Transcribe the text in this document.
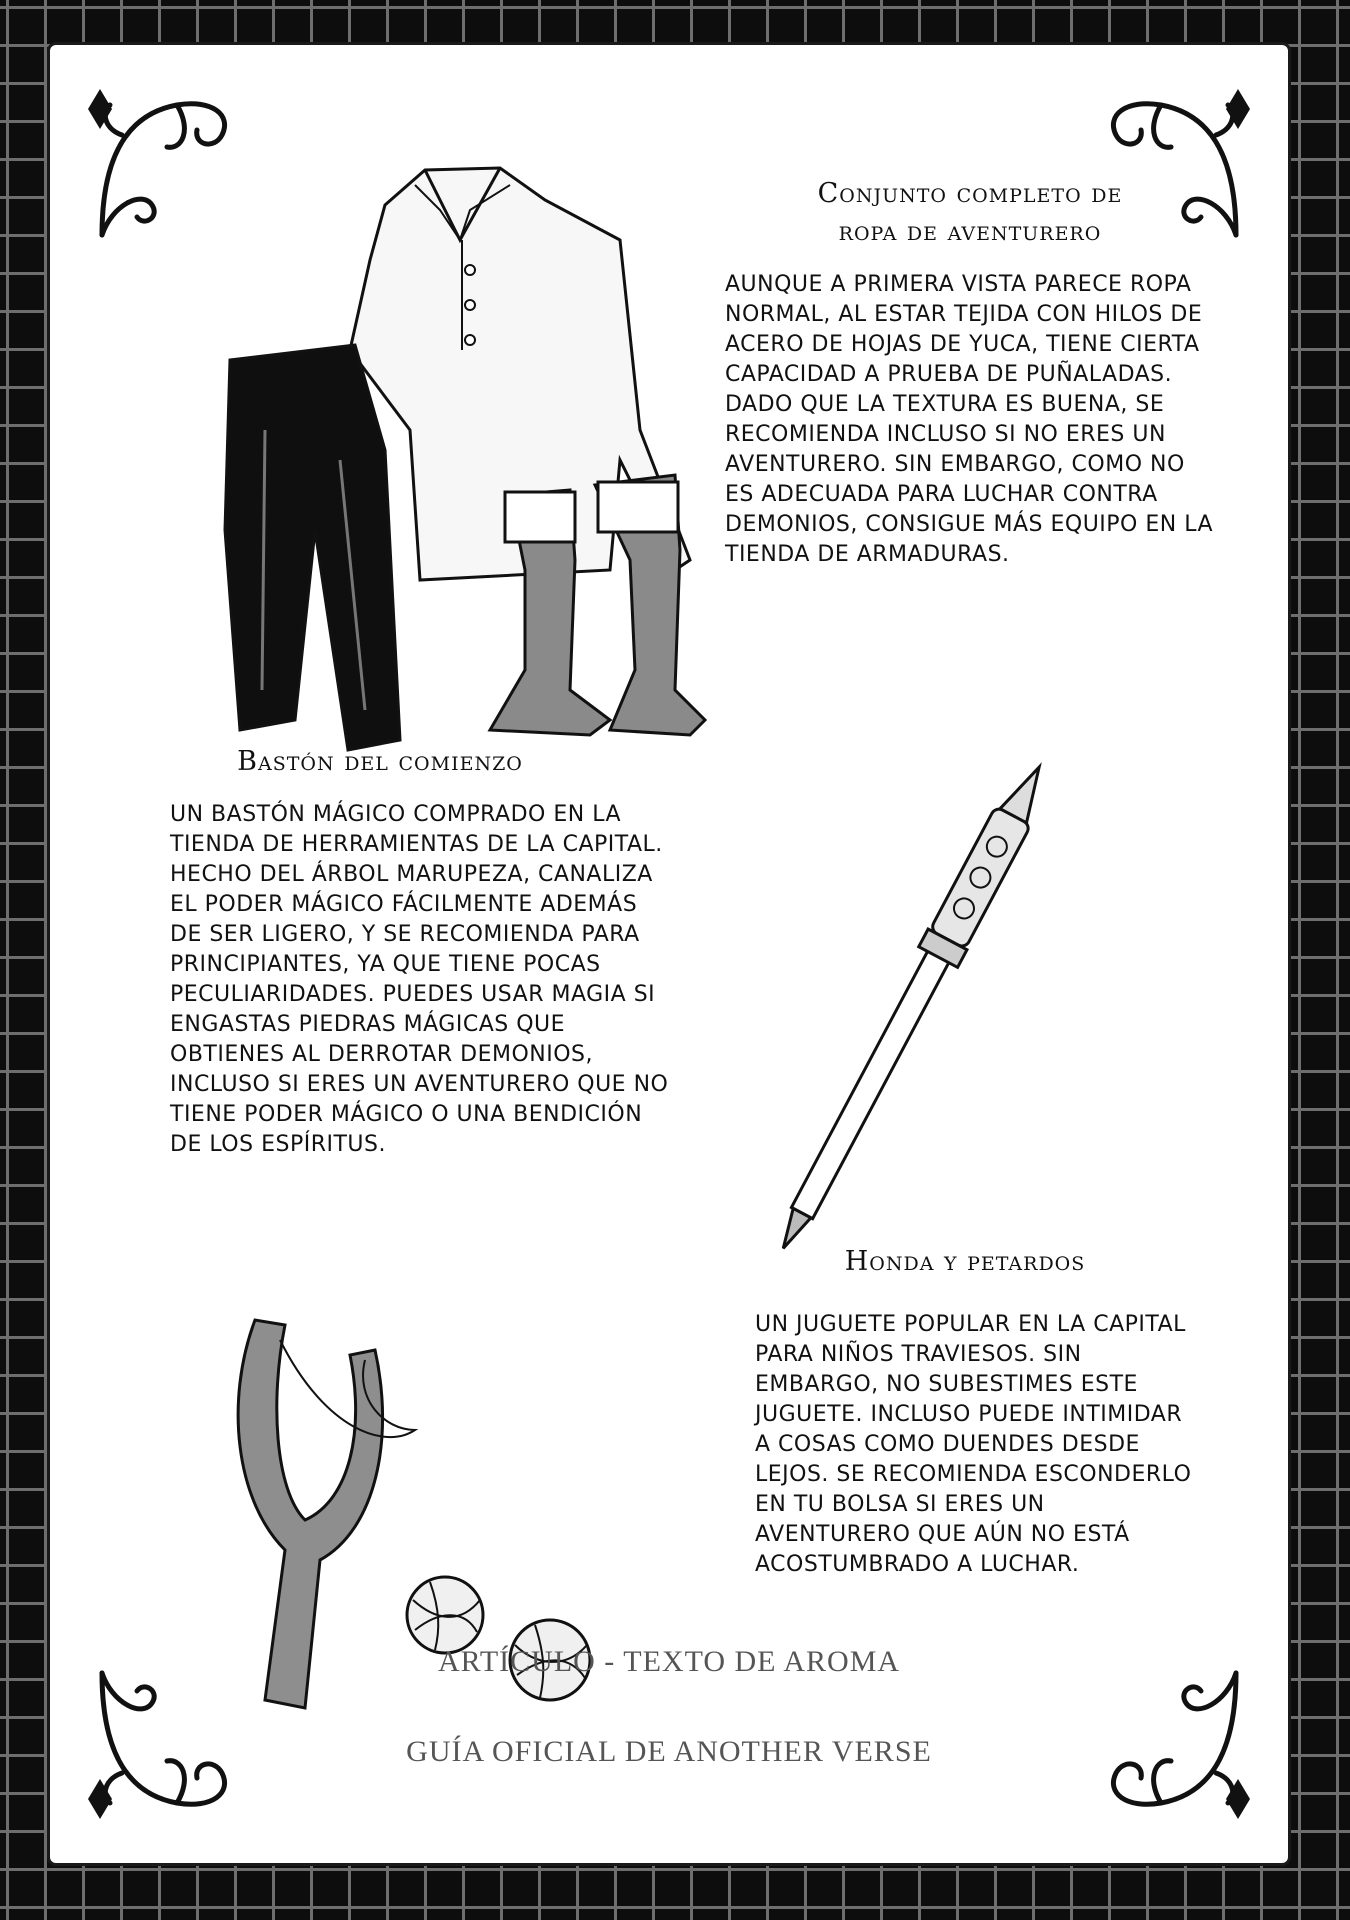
Conjunto completo de
ropa de aventurero

AUNQUE A PRIMERA VISTA PARECE ROPA NORMAL, AL ESTAR TEJIDA CON HILOS DE ACERO DE HOJAS DE YUCA, TIENE CIERTA CAPACIDAD A PRUEBA DE PUÑALADAS. DADO QUE LA TEXTURA ES BUENA, SE RECOMIENDA INCLUSO SI NO ERES UN AVENTURERO. SIN EMBARGO, COMO NO ES ADECUADA PARA LUCHAR CONTRA DEMONIOS, CONSIGUE MÁS EQUIPO EN LA TIENDA DE ARMADURAS.

Bastón del comienzo

UN BASTÓN MÁGICO COMPRADO EN LA TIENDA DE HERRAMIENTAS DE LA CAPITAL. HECHO DEL ÁRBOL MARUPEZA, CANALIZA EL PODER MÁGICO FÁCILMENTE ADEMÁS DE SER LIGERO, Y SE RECOMIENDA PARA PRINCIPIANTES, YA QUE TIENE POCAS PECULIARIDADES. PUEDES USAR MAGIA SI ENGASTAS PIEDRAS MÁGICAS QUE OBTIENES AL DERROTAR DEMONIOS, INCLUSO SI ERES UN AVENTURERO QUE NO TIENE PODER MÁGICO O UNA BENDICIÓN DE LOS ESPÍRITUS.

Honda y petardos

UN JUGUETE POPULAR EN LA CAPITAL PARA NIÑOS TRAVIESOS. SIN EMBARGO, NO SUBESTIMES ESTE JUGUETE. INCLUSO PUEDE INTIMIDAR A COSAS COMO DUENDES DESDE LEJOS. SE RECOMIENDA ESCONDERLO EN TU BOLSA SI ERES UN AVENTURERO QUE AÚN NO ESTÁ ACOSTUMBRADO A LUCHAR.

ARTÍCULO - TEXTO DE AROMA
GUÍA OFICIAL DE ANOTHER VERSE
